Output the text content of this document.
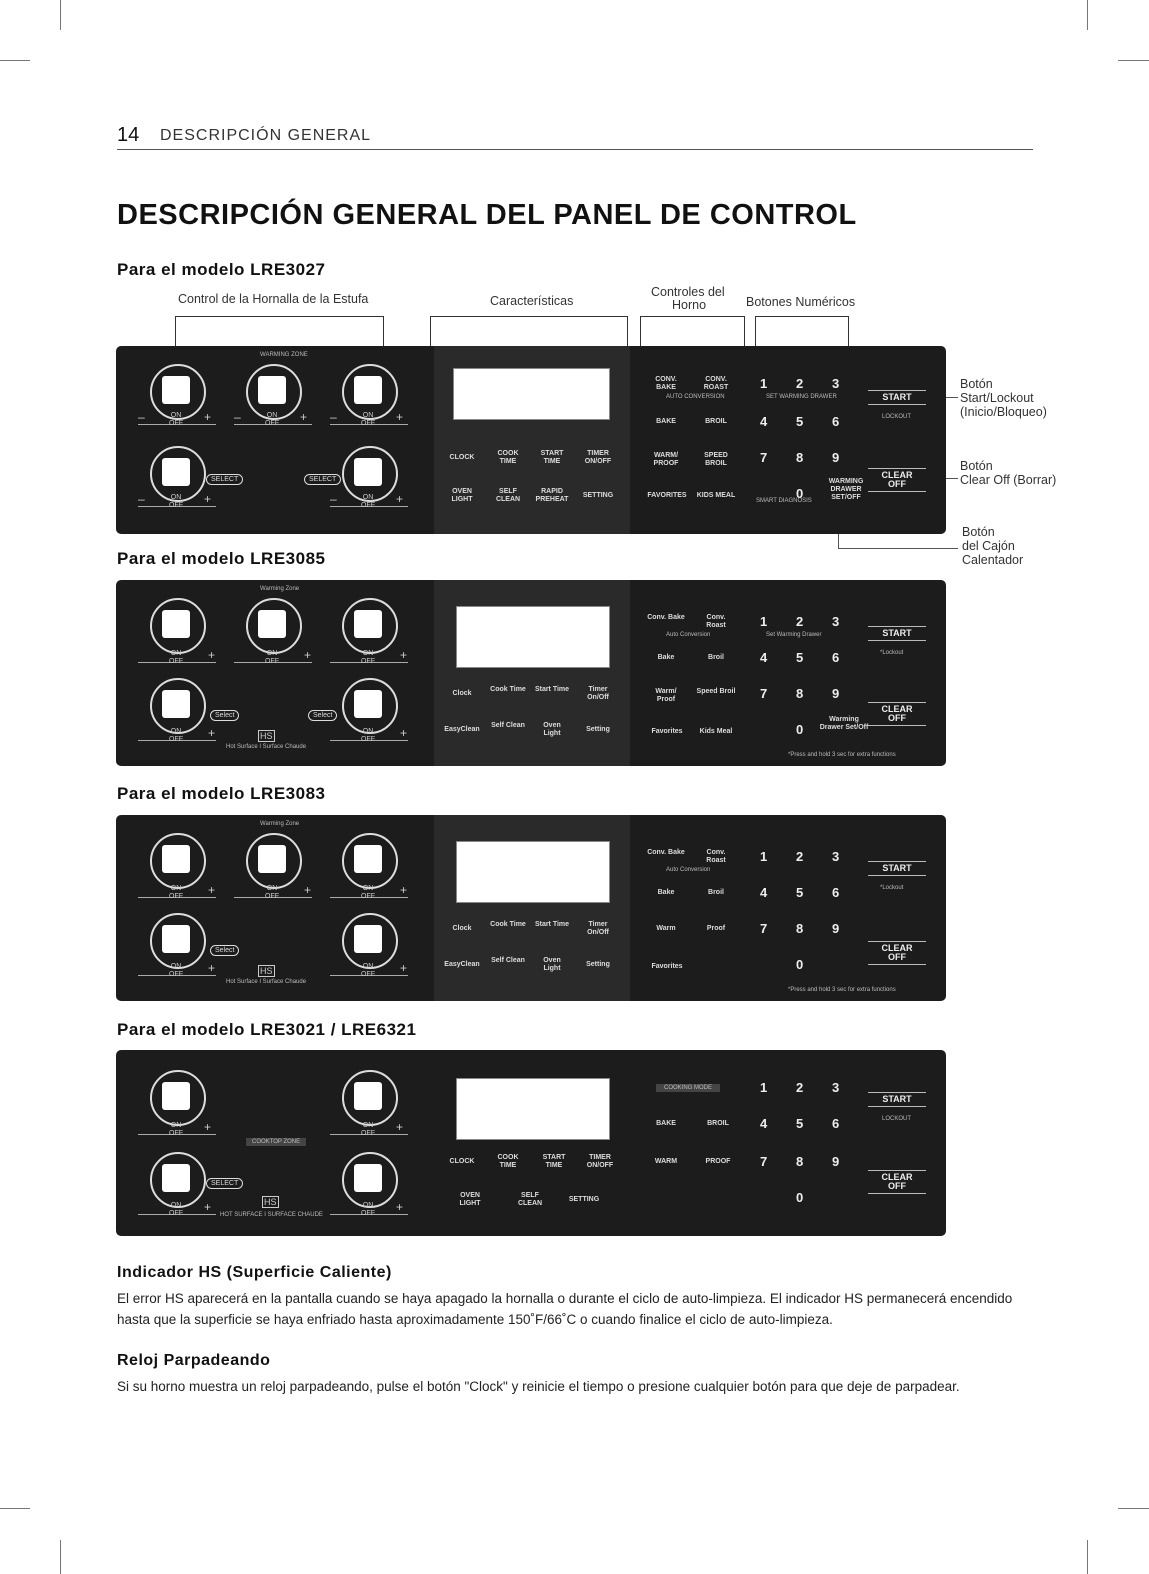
14 DESCRIPCIÓN GENERAL
DESCRIPCIÓN GENERAL DEL PANEL DE CONTROL
Para el modelo LRE3027
Control de la Hornalla de la Estufa	Características
Controles del
Horno	Botones Numéricos
Botón
Start/Lockout
(Inicio/Bloqueo)
Botón
Clear Off (Borrar)
Botón
del Cajón
Calentador
WARMING ZONE
ON
OFF	+
–	ON
OFF	+
–	ON
OFF	+
–
ON
OFF	+
–	ON
OFF	+
–
SELECT	SELECT
CLOCK
COOK TIME
START TIME
TIMER ON/OFF
OVEN LIGHT
SELF CLEAN
RAPID PREHEAT
SETTING
CONV. BAKE
CONV. ROAST
AUTO CONVERSION
BAKE	BROIL
WARM/ PROOF
SPEED BROIL
FAVORITES	KIDS MEAL
1 2 3
SET WARMING DRAWER
4 5 6
7 8 9
0
SMART DIAGNOSIS
WARMING DRAWER SET/OFF
START
LOCKOUT
CLEAR
OFF
Para el modelo LRE3085
Warming Zone
ON
OFF
ON
OFF
ON
OFF
ON
OFF
ON
OFF
+	+	+
+	+
Select	Select
HS
Hot Surface I Surface Chaude
Clock
Cook Time Start Time	Timer On/Off
EasyClean
Self Clean	Oven Light
Setting
Conv. Bake	Conv. Roast
Auto Conversion
Bake	Broil
Warm/ Proof
Speed Broil
Favorites	Kids Meal
1 2 3
Set Warming Drawer
4 5 6
7 8 9
0
Warming Drawer Set/Off
START
*Lockout
CLEAR
OFF
*Press and hold 3 sec for extra functions
Para el modelo LRE3083
Warming Zone
ON
OFF
ON
OFF
ON
OFF
ON
OFF
ON
OFF
+	+	+
+	+
Select
HS
Hot Surface I Surface Chaude
Clock
Cook Time Start Time	Timer On/Off
EasyClean
Self Clean	Oven Light
Setting
Conv. Bake	Conv. Roast
Auto Conversion
Bake	Broil
Warm	Proof
Favorites
1 2 3
4 5 6
7 8 9
0
START
*Lockout
CLEAR
OFF
*Press and hold 3 sec for extra functions
Para el modelo LRE3021 / LRE6321
ON
OFF
ON
OFF
ON
OFF
ON
OFF
+	+
+	+
COOKTOP ZONE
SELECT
HS
HOT SURFACE I SURFACE CHAUDE
CLOCK
COOK TIME
START TIME
TIMER ON/OFF
OVEN LIGHT
SELF CLEAN
SETTING
COOKING MODE
BAKE	BROIL
WARM	PROOF
1 2 3
4 5 6
7 8 9
0
START
LOCKOUT
CLEAR
OFF
Indicador HS (Superficie Caliente)
El error HS aparecerá en la pantalla cuando se haya apagado la hornalla o durante el ciclo de auto-limpieza. El indicador HS permanecerá encendido hasta que la superficie se haya enfriado hasta aproximadamente 150˚F/66˚C o cuando finalice el ciclo de auto-limpieza.
Reloj Parpadeando
Si su horno muestra un reloj parpadeando, pulse el botón "Clock" y reinicie el tiempo o presione cualquier botón para que deje de parpadear.
